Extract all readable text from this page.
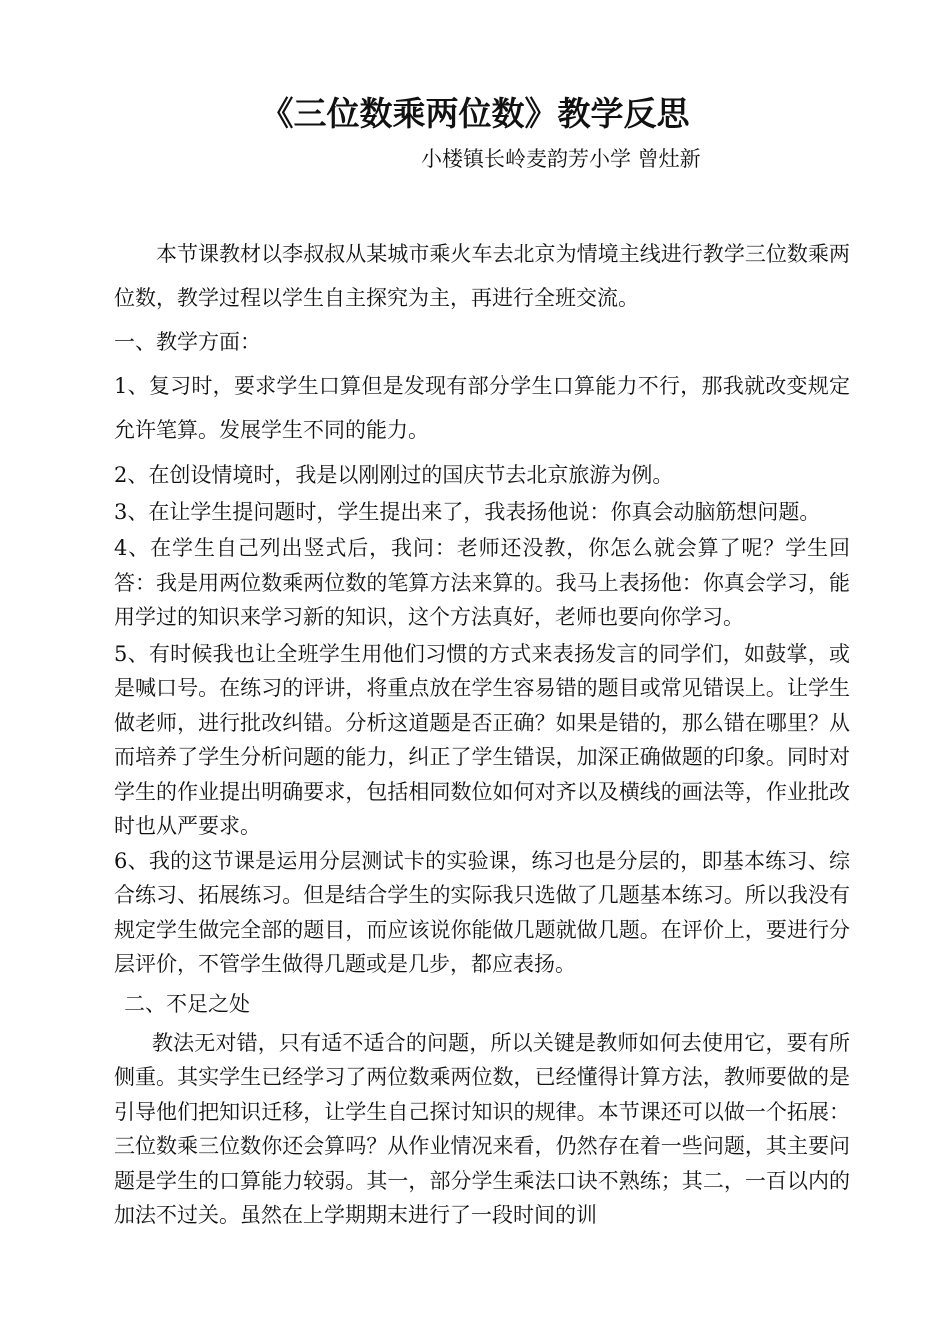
《三位数乘两位数》教学反思
小楼镇长岭麦韵芳小学 曾灶新

本节课教材以李叔叔从某城市乘火车去北京为情境主线进行教学三位数乘两位数，教学过程以学生自主探究为主，再进行全班交流。

一、教学方面：

1、复习时，要求学生口算但是发现有部分学生口算能力不行，那我就改变规定允许笔算。发展学生不同的能力。

2、在创设情境时，我是以刚刚过的国庆节去北京旅游为例。

3、在让学生提问题时，学生提出来了，我表扬他说：你真会动脑筋想问题。

4、在学生自己列出竖式后，我问：老师还没教，你怎么就会算了呢？学生回答：我是用两位数乘两位数的笔算方法来算的。我马上表扬他：你真会学习，能用学过的知识来学习新的知识，这个方法真好，老师也要向你学习。

5、有时候我也让全班学生用他们习惯的方式来表扬发言的同学们，如鼓掌，或是喊口号。在练习的评讲，将重点放在学生容易错的题目或常见错误上。让学生做老师，进行批改纠错。分析这道题是否正确？如果是错的，那么错在哪里？从而培养了学生分析问题的能力，纠正了学生错误，加深正确做题的印象。同时对学生的作业提出明确要求，包括相同数位如何对齐以及横线的画法等，作业批改时也从严要求。

6、我的这节课是运用分层测试卡的实验课，练习也是分层的，即基本练习、综合练习、拓展练习。但是结合学生的实际我只选做了几题基本练习。所以我没有规定学生做完全部的题目，而应该说你能做几题就做几题。在评价上，要进行分层评价，不管学生做得几题或是几步，都应表扬。

二、不足之处

教法无对错，只有适不适合的问题，所以关键是教师如何去使用它，要有所侧重。其实学生已经学习了两位数乘两位数，已经懂得计算方法，教师要做的是引导他们把知识迁移，让学生自己探讨知识的规律。本节课还可以做一个拓展：三位数乘三位数你还会算吗？从作业情况来看，仍然存在着一些问题，其主要问题是学生的口算能力较弱。其一，部分学生乘法口诀不熟练；其二，一百以内的加法不过关。虽然在上学期期末进行了一段时间的训
